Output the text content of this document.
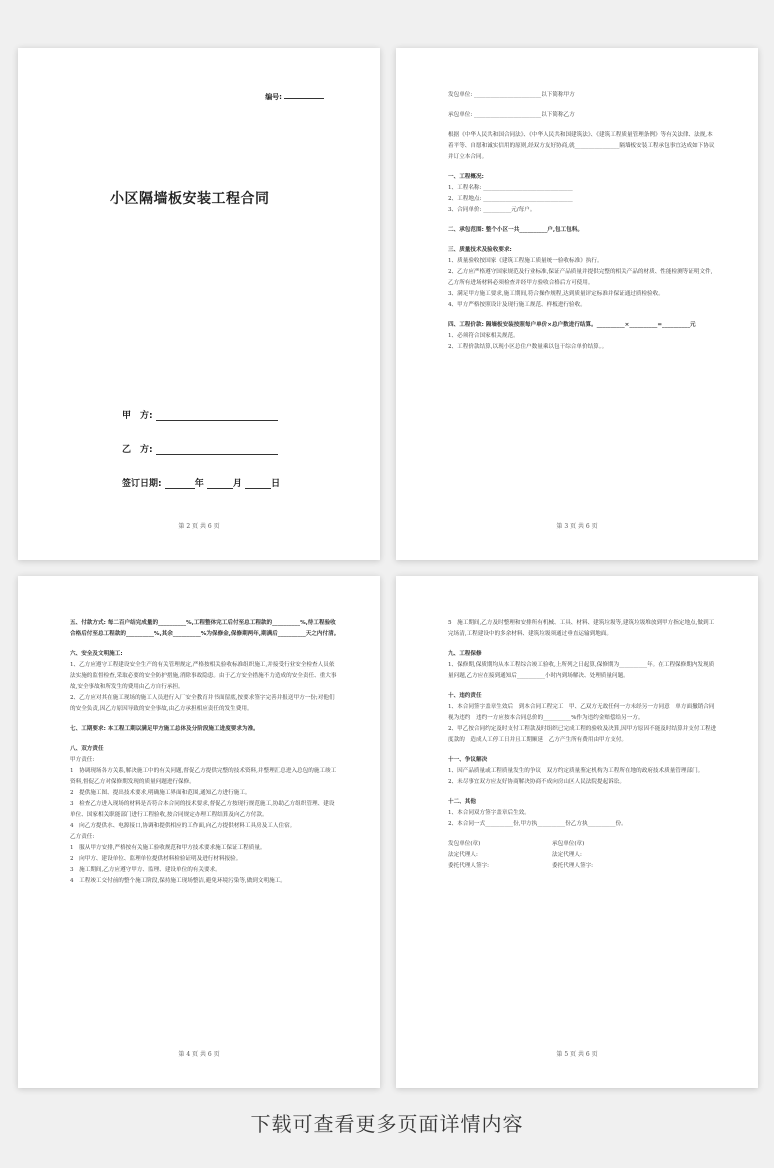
编号:
小区隔墙板安装工程合同
甲　方:
乙　方:
签订日期:	年	月	日
第 2 页 共 6 页
发包单位: ________________________以下简称甲方
承包单位: ________________________以下简称乙方
根据《中华人民共和国合同法》、《中华人民共和国建筑法》、《建筑工程质量管理条例》等有关法律、法规,本着平等、自愿和诚实信用的原则,经双方友好协商,就________________隔墙板安装工程承包事宜达成如下协议并订立本合同。
一、工程概况:
1、工程名称: ________________________________
2、工程地点: ________________________________
3、合同单价: __________元/每户。
二、承包范围: 整个小区一共__________户,包工包料。
三、质量技术及验收要求:
1、质量验收按国家《建筑工程施工质量统一验收标准》执行。
2、乙方应严格遵守国家规范及行业标准,保证产品质量并提供完整的相关产品的材质、性能检测等证明文件,乙方所有进场材料必须检查并经甲方验收合格后方可使用。
3、满足甲方施工要求,施工期间,符合操作规程,达到质量评定标准并保证通过质检验收。
4、甲方严格按照设计及现行施工规范、样板进行验收。
四、工程价款: 隔墙板安装按照每户单价×总户数进行结算。__________×__________=__________元
1、必须符合国家相关规范。
2、工程价款结算,以现小区总住户数量乘以包干综合单价结算。。
第 3 页 共 6 页
五、付款方式: 每二百户结完成量的__________%,工程整体完工后付至总工程款的__________%,待工程验收合格后付至总工程款的__________%,其余__________%为保修金,保修期两年,期满后__________天之内付清。
六、安全及文明施工:
1、乙方应遵守工程建设安全生产的有关管理规定,严格按相关验收标准组织施工,并接受行业安全检查人员依法实施的监督检查,采取必要的安全防护措施,消除事故隐患。由于乙方安全措施不力造成的安全责任、重大事故,安全事故和所发生的费用由乙方自行承担。
2、乙方应对其在施工现场的施工人员进行入厂安全教育并书面留底,按要求签字完善并报送甲方一份;对他们的安全负责,因乙方原因导致的安全事故,由乙方承担相应责任的发生费用。
七、工期要求: 本工程工期以满足甲方施工总体及分阶段施工进度要求为准。
八、双方责任
甲方责任:
1　协调现场各方关系,解决施工中的有关问题,督促乙方提供完整的技术资料,并整理汇总进入总包的施工竣工资料,督促乙方对保修期发现的质量问题进行保修。
2　提供施工图、提出技术要求,明确施工界面和范围,通知乙方进行施工。
3　检查乙方进入现场的材料是否符合本合同的技术要求,督促乙方按现行规范施工,协助乙方组织管理、建设单位、国家相关职能部门进行工程验收,按合同规定办理工程结算及向乙方付款。
4　向乙方提供水、电源接口,协调和提供相应的工作面,向乙方提供材料工具房及工人住宿。
乙方责任:
1　服从甲方安排,严格按有关施工验收规范和甲方技术要求施工保证工程质量。
2　向甲方、建设单位、监理单位提供材料检验证明及进行材料报验。
3　施工期间,乙方应遵守甲方、监理、建设单位的有关要求。
4　工程竣工交付前的整个施工阶段,保持施工现场整洁,避免环境污染等,做到文明施工。
第 4 页 共 6 页
5　施工期间,乙方及时整理和安排所有机械、工具、材料、建筑垃圾等,建筑垃圾堆放到甲方指定地点,做到工完场清,工程建设中的多余材料、建筑垃圾须通过垂直运输到地面。
九、工程保修
1、保修期,保质期均从本工程综合竣工验收,上所列之日起算,保修期为__________年。在工程保修期内发现质量问题,乙方应在接到通知后__________小时内到场解决、处理质量问题。
十、违约责任
1、本合同签字盖章生效后　到本合同工程完工　甲、乙双方无故任何一方未经另一方同意　单方面撤销合同视为违约　违约一方应按本合同总价的__________%作为违约金赔偿给另一方。
2、甲乙按合同约定及时支付工程款及时组织已完成工程的验收及决算,因甲方原因不能及时结算并支付工程进度款的　造成人工停工日并且工期顺延　乙方产生所有费用由甲方支付。
十一、争议解决
1、因产品质量或工程质量发生的争议　双方约定质量鉴定机构为工程所在地的政府技术质量管理部门。
2、未尽事宜双方应友好协商解决协商不成向房山区人民法院提起诉讼。
十二、其他
1、本合同双方签字盖章后生效。
2、本合同一式__________份,甲方执__________份乙方执__________份。
发包单位(章)	承包单位(章)
法定代理人:	法定代理人:
委托代理人签字:	委托代理人签字:
第 5 页 共 6 页
下载可查看更多页面详情内容
